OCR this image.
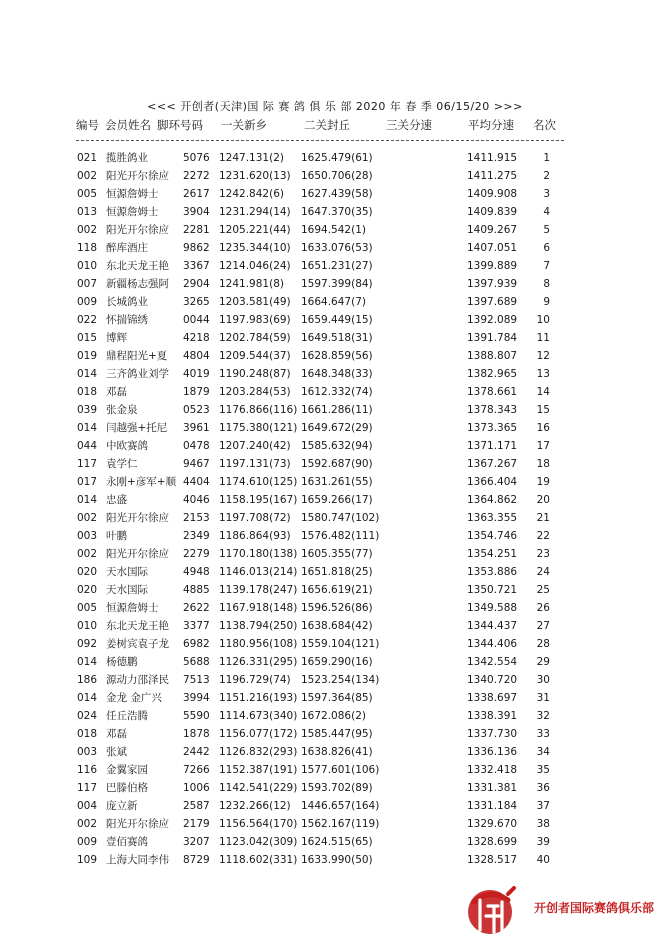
<<< 开创者(天津)国 际 赛 鸽 俱 乐 部 2020 年 春 季 06/15/20 >>>
编号 会员姓名 脚环号码 一关新乡	二关封丘	三关分速	平均分速 名次
021 揽胜鸽业	5076 1247.131(2) 1625.479(61)	1411.915 1
002 阳光开尔徐应 2272 1231.620(13) 1650.706(28)	1411.275 2
005 恒源詹姆士 2617 1242.842(6) 1627.439(58)	1409.908 3
013 恒源詹姆士 3904 1231.294(14) 1647.370(35)	1409.839 4
002 阳光开尔徐应 2281 1205.221(44) 1694.542(1)	1409.267 5
118 醉库酒庄	9862 1235.344(10) 1633.076(53)	1407.051 6
010 东北天龙王艳 3367 1214.046(24) 1651.231(27)	1399.889 7
007 新疆杨志强阿 2904 1241.981(8) 1597.399(84)	1397.939 8
009 长城鸽业	3265 1203.581(49) 1664.647(7)	1397.689 9
022 怀揣锦绣	0044 1197.983(69) 1659.449(15)	1392.089 10
015 博辉	4218 1202.784(59) 1649.518(31)	1391.784 11
019 鼎程阳光+夏 4804 1209.544(37) 1628.859(56)	1388.807 12
014 三齐鸽业刘学 4019 1190.248(87) 1648.348(33)	1382.965 13
018 邓磊	1879 1203.284(53) 1612.332(74)	1378.661 14
039 张金泉	0523 1176.866(116) 1661.286(11)	1378.343 15
014 闫越强+托尼 3961 1175.380(121) 1649.672(29)	1373.365 16
044 中欧赛鸽	0478 1207.240(42) 1585.632(94)	1371.171 17
117 袁学仁	9467 1197.131(73) 1592.687(90)	1367.267 18
017 永刚+彦军+顺 4404 1174.610(125) 1631.261(55)	1366.404 19
014 忠盛	4046 1158.195(167) 1659.266(17)	1364.862 20
002 阳光开尔徐应 2153 1197.708(72) 1580.747(102)	1363.355 21
003 叶鹏	2349 1186.864(93) 1576.482(111)	1354.746 22
002 阳光开尔徐应 2279 1170.180(138) 1605.355(77)	1354.251 23
020 天水国际	4948 1146.013(214) 1651.818(25)	1353.886 24
020 天水国际	4885 1139.178(247) 1656.619(21)	1350.721 25
005 恒源詹姆士 2622 1167.918(148) 1596.526(86)	1349.588 26
010 东北天龙王艳 3377 1138.794(250) 1638.684(42)	1344.437 27
092 姜树宾袁子龙 6982 1180.956(108) 1559.104(121)	1344.406 28
014 杨德鹏	5688 1126.331(295) 1659.290(16)	1342.554 29
186 源动力邵泽民 7513 1196.729(74) 1523.254(134)	1340.720 30
014 金龙 金广兴 3994 1151.216(193) 1597.364(85)	1338.697 31
024 任丘浩腾	5590 1114.673(340) 1672.086(2)	1338.391 32
018 邓磊	1878 1156.077(172) 1585.447(95)	1337.730 33
003 张斌	2442 1126.832(293) 1638.826(41)	1336.136 34
116 金翼家园	7266 1152.387(191) 1577.601(106)	1332.418 35
117 巴滕伯格	1006 1142.541(229) 1593.702(89)	1331.381 36
004 庞立新	2587 1232.266(12) 1446.657(164)	1331.184 37
002 阳光开尔徐应 2179 1156.564(170) 1562.167(119)	1329.670 38
009 壹佰赛鸽	3207 1123.042(309) 1624.515(65)	1328.699 39
109 上海大同李伟 8729 1118.602(331) 1633.990(50)	1328.517 40
开创者国际赛鸽俱乐部
